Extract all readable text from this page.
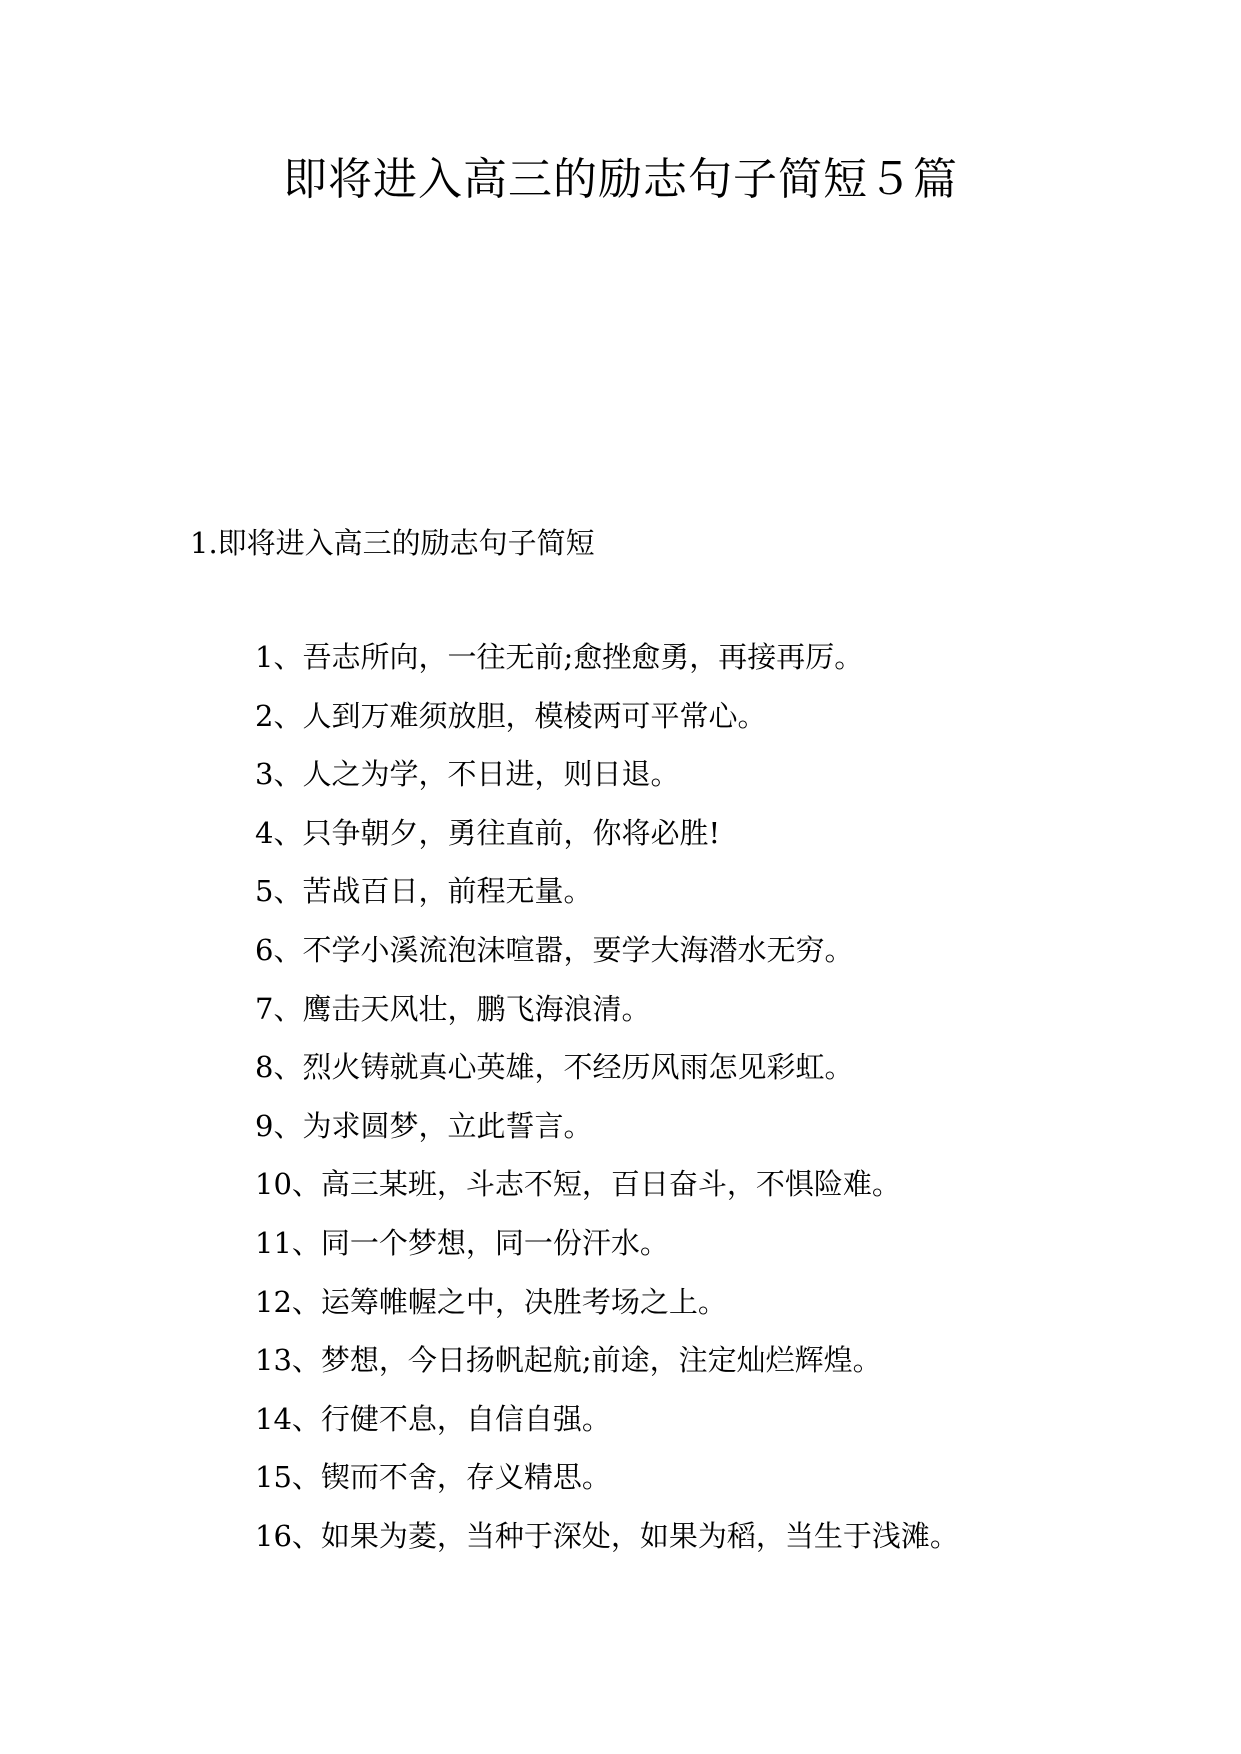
即将进入高三的励志句子简短５篇
1.即将进入高三的励志句子简短
1、吾志所向，一往无前;愈挫愈勇，再接再厉。
2、人到万难须放胆，模棱两可平常心。
3、人之为学，不日进，则日退。
4、只争朝夕，勇往直前，你将必胜!
5、苦战百日，前程无量。
6、不学小溪流泡沫喧嚣，要学大海潜水无穷。
7、鹰击天风壮，鹏飞海浪清。
8、烈火铸就真心英雄，不经历风雨怎见彩虹。
9、为求圆梦，立此誓言。
10、高三某班，斗志不短，百日奋斗，不惧险难。
11、同一个梦想，同一份汗水。
12、运筹帷幄之中，决胜考场之上。
13、梦想，今日扬帆起航;前途，注定灿烂辉煌。
14、行健不息，自信自强。
15、锲而不舍，存义精思。
16、如果为菱，当种于深处，如果为稻，当生于浅滩。
